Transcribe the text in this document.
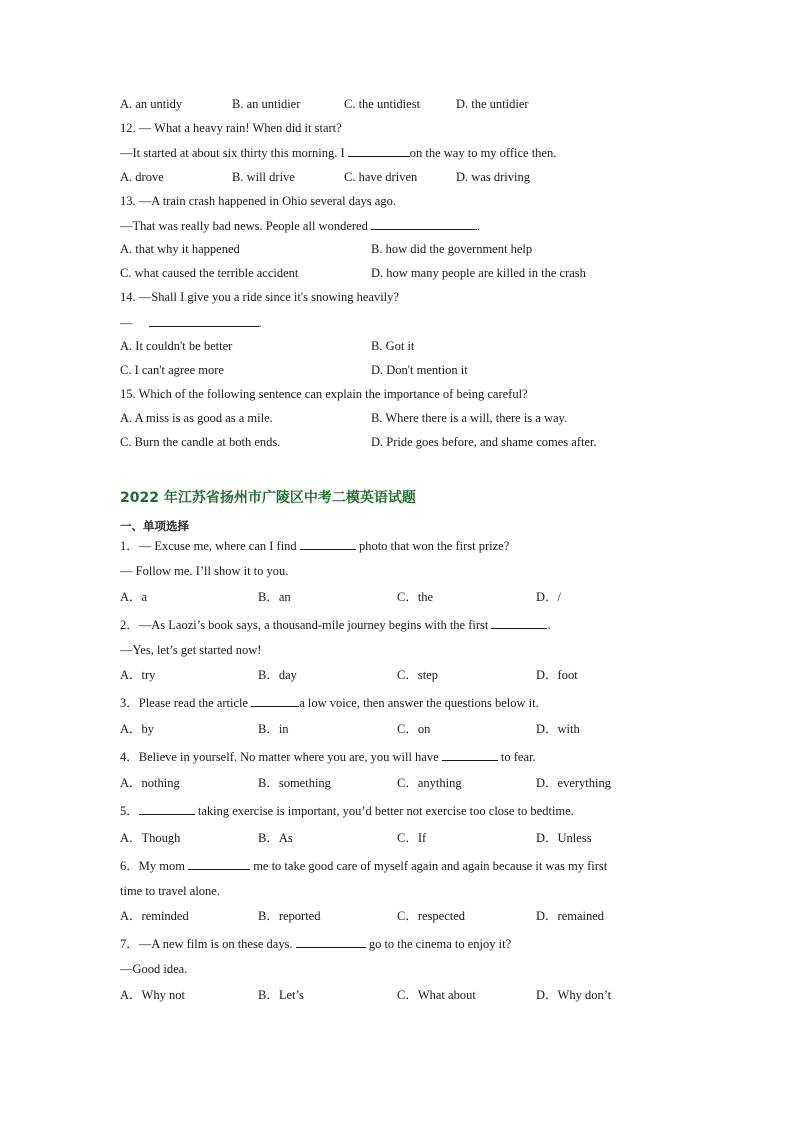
A. an untidy	B. an untidier	C. the untidiest	D. the untidier
12. — What a heavy rain! When did it start?
—It started at about six thirty this morning. I	on the way to my office then.
A. drove	B. will drive	C. have driven	D. was driving
13. —A train crash happened in Ohio several days ago.
—That was really bad news. People all wondered	.
A. that why it happened	B. how did the government help
C. what caused the terrible accident	D. how many people are killed in the crash
14. —Shall I give you a ride since it's snowing heavily?
—	.
A. It couldn't be better	B. Got it
C. I can't agree more	D. Don't mention it
15. Which of the following sentence can explain the importance of being careful?
A. A miss is as good as a mile.	B. Where there is a will, there is a way.
C. Burn the candle at both ends.	D. Pride goes before, and shame comes after.
2022 年江苏省扬州市广陵区中考二模英语试题
一、单项选择
1．— Excuse me, where can I find	photo that won the first prize?
— Follow me. I’ll show it to you.
A．a	B．an	C．the	D．/
2．—As Laozi’s book says, a thousand-mile journey begins with the first	.
—Yes, let’s get started now!
A．try	B．day	C．step	D．foot
3．Please read the article	a low voice, then answer the questions below it.
A．by	B．in	C．on	D．with
4．Believe in yourself. No matter where you are, you will have	to fear.
A．nothing	B．something	C．anything	D．everything
5．	taking exercise is important, you’d better not exercise too close to bedtime.
A．Though	B．As	C．If	D．Unless
6．My mom	me to take good care of myself again and again because it was my first
time to travel alone.
A．reminded	B．reported	C．respected	D．remained
7．—A new film is on these days.	go to the cinema to enjoy it?
—Good idea.
A．Why not	B．Let’s	C．What about	D．Why don’t
